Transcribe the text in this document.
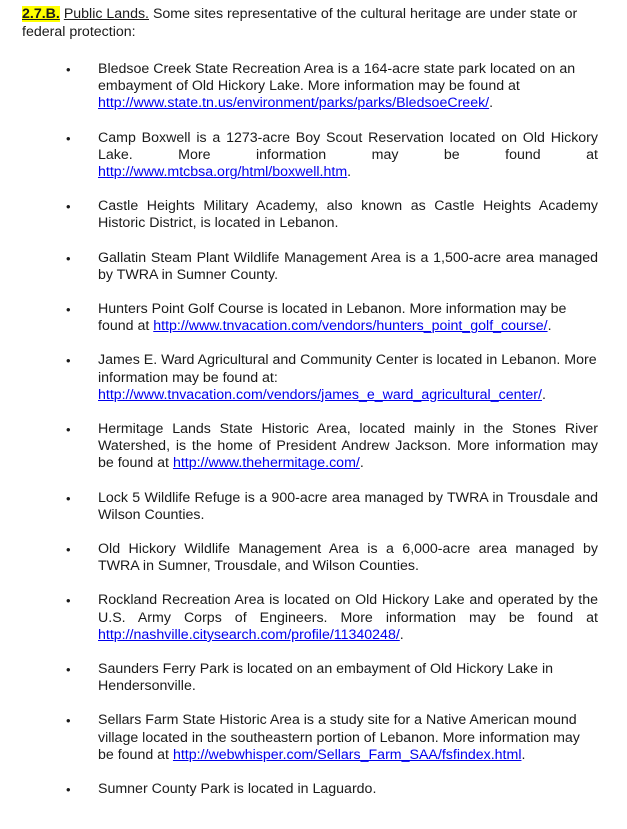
2.7.B. Public Lands. Some sites representative of the cultural heritage are under state or federal protection:
•	Bledsoe Creek State Recreation Area is a 164-acre state park located on an embayment of Old Hickory Lake. More information may be found at http://www.state.tn.us/environment/parks/parks/BledsoeCreek/.
•	Camp Boxwell is a 1273-acre Boy Scout Reservation located on Old Hickory Lake. More information may be found at http://www.mtcbsa.org/html/boxwell.htm.
•	Castle Heights Military Academy, also known as Castle Heights Academy Historic District, is located in Lebanon.
•	Gallatin Steam Plant Wildlife Management Area is a 1,500-acre area managed by TWRA in Sumner County.
•	Hunters Point Golf Course is located in Lebanon. More information may be found at http://www.tnvacation.com/vendors/hunters_point_golf_course/.
•	James E. Ward Agricultural and Community Center is located in Lebanon. More information may be found at: http://www.tnvacation.com/vendors/james_e_ward_agricultural_center/.
•	Hermitage Lands State Historic Area, located mainly in the Stones River Watershed, is the home of President Andrew Jackson. More information may be found at http://www.thehermitage.com/.
•	Lock 5 Wildlife Refuge is a 900-acre area managed by TWRA in Trousdale and Wilson Counties.
•	Old Hickory Wildlife Management Area is a 6,000-acre area managed by TWRA in Sumner, Trousdale, and Wilson Counties.
•	Rockland Recreation Area is located on Old Hickory Lake and operated by the U.S. Army Corps of Engineers. More information may be found at http://nashville.citysearch.com/profile/11340248/.
•	Saunders Ferry Park is located on an embayment of Old Hickory Lake in Hendersonville.
•	Sellars Farm State Historic Area is a study site for a Native American mound village located in the southeastern portion of Lebanon. More information may be found at http://webwhisper.com/Sellars_Farm_SAA/fsfindex.html.
•	Sumner County Park is located in Laguardo.
